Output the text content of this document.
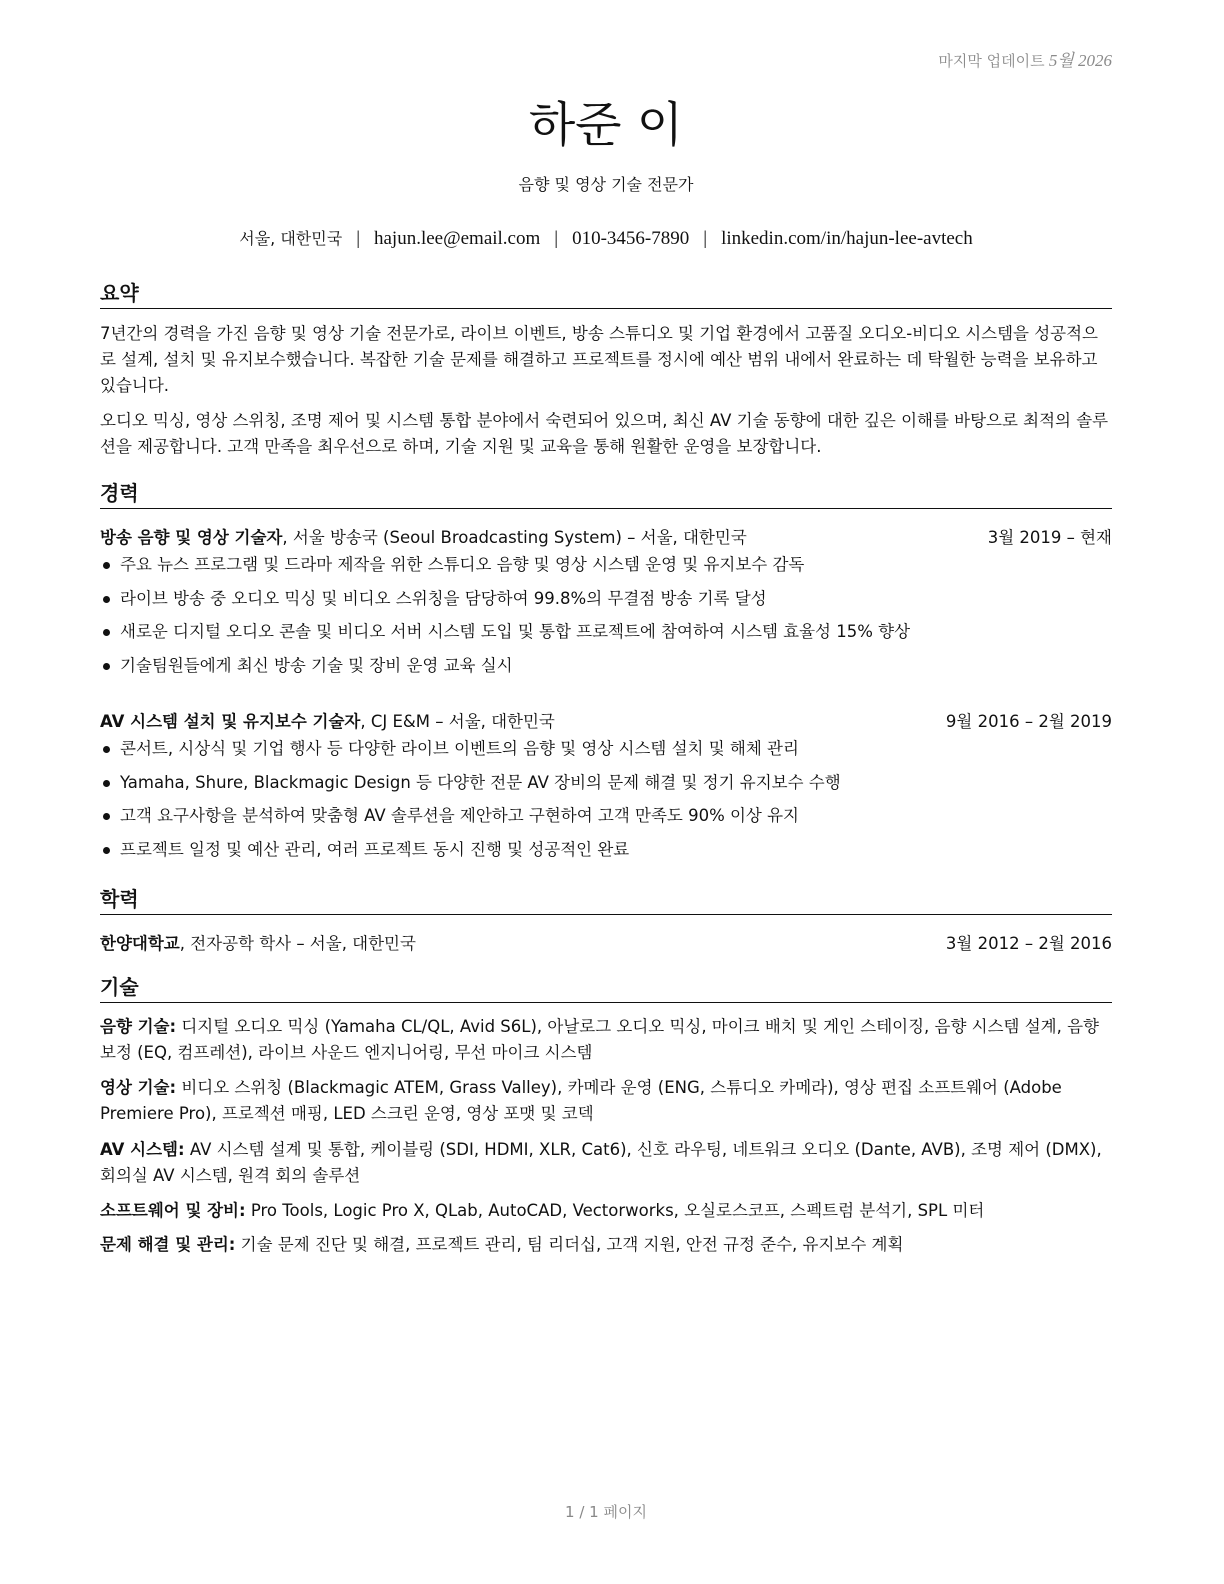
마지막 업데이트 5월 2026
하준 이
음향 및 영상 기술 전문가
서울, 대한민국 | hajun.lee@email.com | 010-3456-7890 | linkedin.com/in/hajun-lee-avtech
요약

7년간의 경력을 가진 음향 및 영상 기술 전문가로, 라이브 이벤트, 방송 스튜디오 및 기업 환경에서 고품질 오디오-비디오 시스템을 성공적으로 설계, 설치 및 유지보수했습니다. 복잡한 기술 문제를 해결하고 프로젝트를 정시에 예산 범위 내에서 완료하는 데 탁월한 능력을 보유하고 있습니다.

오디오 믹싱, 영상 스위칭, 조명 제어 및 시스템 통합 분야에서 숙련되어 있으며, 최신 AV 기술 동향에 대한 깊은 이해를 바탕으로 최적의 솔루션을 제공합니다. 고객 만족을 최우선으로 하며, 기술 지원 및 교육을 통해 원활한 운영을 보장합니다.

경력
방송 음향 및 영상 기술자, 서울 방송국 (Seoul Broadcasting System) – 서울, 대한민국	3월 2019 – 현재
주요 뉴스 프로그램 및 드라마 제작을 위한 스튜디오 음향 및 영상 시스템 운영 및 유지보수 감독
라이브 방송 중 오디오 믹싱 및 비디오 스위칭을 담당하여 99.8%의 무결점 방송 기록 달성
새로운 디지털 오디오 콘솔 및 비디오 서버 시스템 도입 및 통합 프로젝트에 참여하여 시스템 효율성 15% 향상
기술팀원들에게 최신 방송 기술 및 장비 운영 교육 실시
AV 시스템 설치 및 유지보수 기술자, CJ E&M – 서울, 대한민국	9월 2016 – 2월 2019
콘서트, 시상식 및 기업 행사 등 다양한 라이브 이벤트의 음향 및 영상 시스템 설치 및 해체 관리
Yamaha, Shure, Blackmagic Design 등 다양한 전문 AV 장비의 문제 해결 및 정기 유지보수 수행
고객 요구사항을 분석하여 맞춤형 AV 솔루션을 제안하고 구현하여 고객 만족도 90% 이상 유지
프로젝트 일정 및 예산 관리, 여러 프로젝트 동시 진행 및 성공적인 완료
학력
한양대학교, 전자공학 학사 – 서울, 대한민국	3월 2012 – 2월 2016
기술

음향 기술: 디지털 오디오 믹싱 (Yamaha CL/QL, Avid S6L), 아날로그 오디오 믹싱, 마이크 배치 및 게인 스테이징, 음향 시스템 설계, 음향 보정 (EQ, 컴프레션), 라이브 사운드 엔지니어링, 무선 마이크 시스템

영상 기술: 비디오 스위칭 (Blackmagic ATEM, Grass Valley), 카메라 운영 (ENG, 스튜디오 카메라), 영상 편집 소프트웨어 (Adobe Premiere Pro), 프로젝션 매핑, LED 스크린 운영, 영상 포맷 및 코덱

AV 시스템: AV 시스템 설계 및 통합, 케이블링 (SDI, HDMI, XLR, Cat6), 신호 라우팅, 네트워크 오디오 (Dante, AVB), 조명 제어 (DMX), 회의실 AV 시스템, 원격 회의 솔루션

소프트웨어 및 장비: Pro Tools, Logic Pro X, QLab, AutoCAD, Vectorworks, 오실로스코프, 스펙트럼 분석기, SPL 미터

문제 해결 및 관리: 기술 문제 진단 및 해결, 프로젝트 관리, 팀 리더십, 고객 지원, 안전 규정 준수, 유지보수 계획

1 / 1 페이지
